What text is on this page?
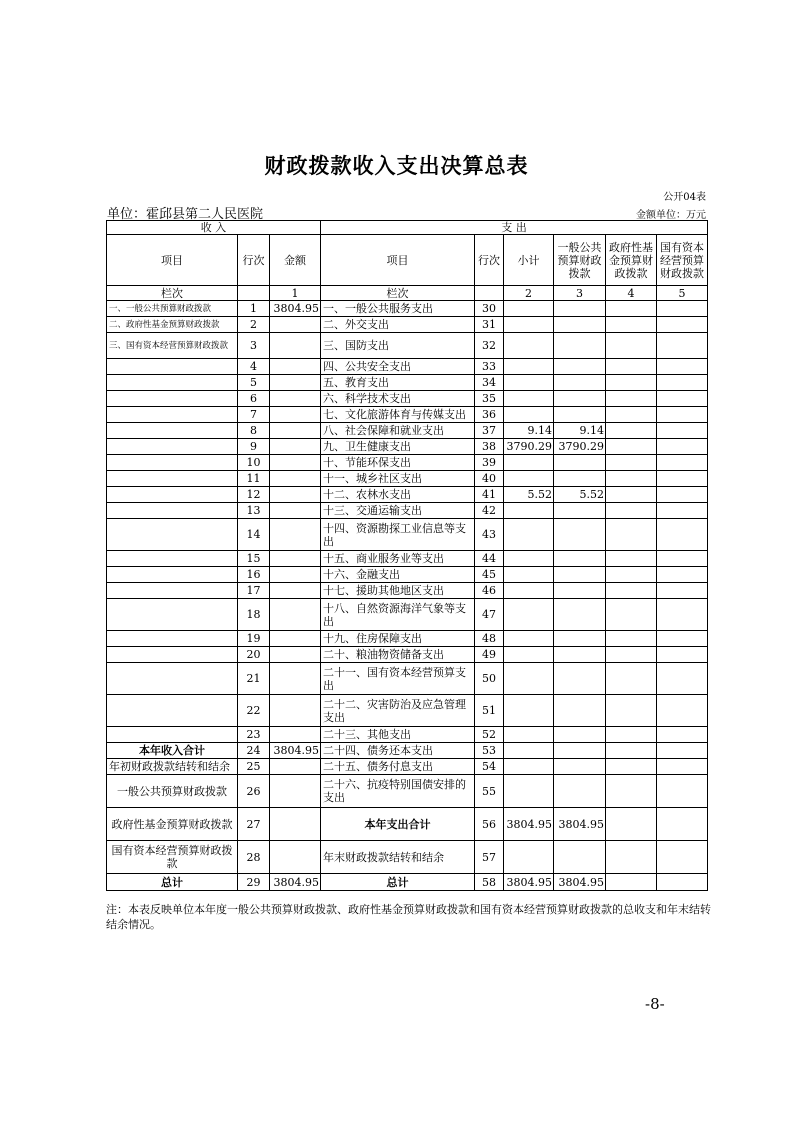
财政拨款收入支出决算总表
公开04表
单位：霍邱县第二人民医院	金额单位：万元
收 入			支 出					
项目	行次	金额	项目	行次	小计	一般公共预算财政拨款	政府性基金预算财政拨款	国有资本经营预算财政拨款
栏次		1	栏次		2	3	4	5
一、一般公共预算财政拨款	1	3804.95	一、一般公共服务支出	30				
二、政府性基金预算财政拨款	2		二、外交支出	31				
三、国有资本经营预算财政拨款	3		三、国防支出	32				
	4		四、公共安全支出	33				
	5		五、教育支出	34				
	6		六、科学技术支出	35				
	7		七、文化旅游体育与传媒支出	36				
	8		八、社会保障和就业支出	37	9.14	9.14		
	9		九、卫生健康支出	38	3790.29	3790.29		
	10		十、节能环保支出	39				
	11		十一、城乡社区支出	40				
	12		十二、农林水支出	41	5.52	5.52		
	13		十三、交通运输支出	42				
	14		十四、资源勘探工业信息等支出	43				
	15		十五、商业服务业等支出	44				
	16		十六、金融支出	45				
	17		十七、援助其他地区支出	46				
	18		十八、自然资源海洋气象等支出	47				
	19		十九、住房保障支出	48				
	20		二十、粮油物资储备支出	49				
	21		二十一、国有资本经营预算支出	50				
	22		二十二、灾害防治及应急管理支出	51				
	23		二十三、其他支出	52				
本年收入合计	24	3804.95	二十四、债务还本支出	53				
年初财政拨款结转和结余	25		二十五、债务付息支出	54				
一般公共预算财政拨款	26		二十六、抗疫特别国债安排的支出	55				
政府性基金预算财政拨款	27		本年支出合计	56	3804.95	3804.95		
国有资本经营预算财政拨款	28		年末财政拨款结转和结余	57				
总计	29	3804.95	总计	58	3804.95	3804.95		
注：本表反映单位本年度一般公共预算财政拨款、政府性基金预算财政拨款和国有资本经营预算财政拨款的总收支和年末结转结余情况。
-8-
